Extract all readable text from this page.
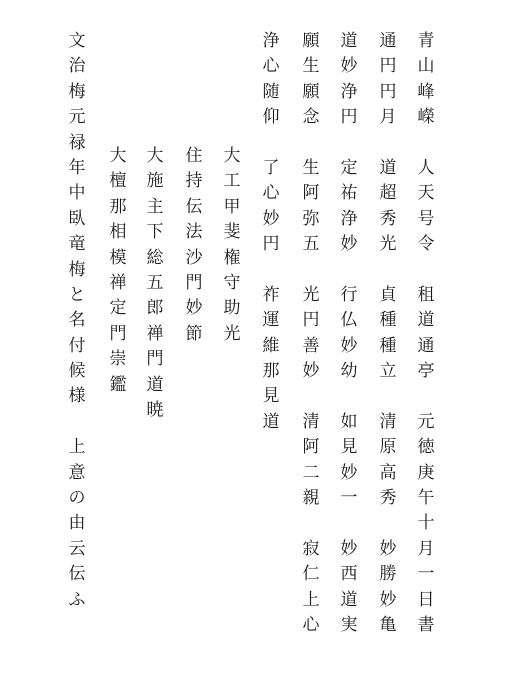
青
山
峰
嶸
人
天
号
令
租
道
通
亭
元
徳
庚
午
十
月
一
日
書
通
円
円
月
道
超
秀
光
貞
種
種
立
清
原
高
秀
妙
勝
妙
亀
道
妙
浄
円
定
祐
浄
妙
行
仏
妙
幼
如
見
妙
一
妙
西
道
実
願
生
願
念
生
阿
弥
五
光
円
善
妙
清
阿
二
親
寂
仁
上
心
浄
心
随
仰
了
心
妙
円
祚
運
維
那
見
道
大
工
甲
斐
権
守
助
光
住
持
伝
法
沙
門
妙
節
大
施
主
下
総
五
郎
禅
門
道
暁
大
檀
那
相
模
禅
定
門
崇
鑑
文
治
梅
元
禄
年
中
臥
竜
梅
と
名
付
候
様
上
意
の
由
云
伝
ふ
